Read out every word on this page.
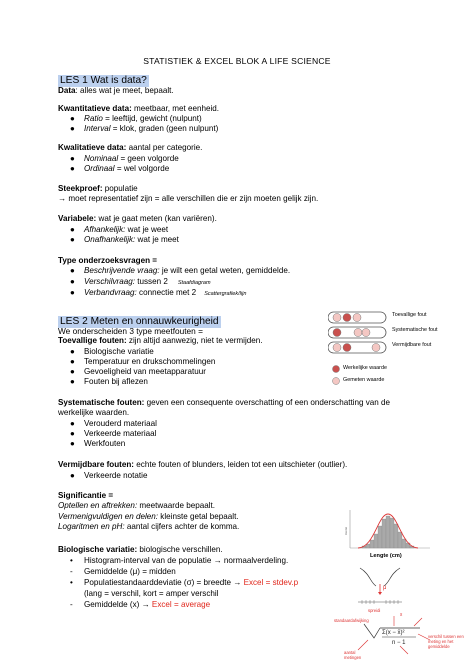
STATISTIEK & EXCEL BLOK A LIFE SCIENCE
LES 1 Wat is data?
Data: alles wat je meet, bepaalt.
Kwantitatieve data: meetbaar, met eenheid.
● Ratio = leeftijd, gewicht (nulpunt)
● Interval = klok, graden (geen nulpunt)
Kwalitatieve data: aantal per categorie.
● Nominaal = geen volgorde
● Ordinaal = wel volgorde
Steekproef: populatie
→ moet representatief zijn = alle verschillen die er zijn moeten gelijk zijn.
Variabele: wat je gaat meten (kan variëren).
● Afhankelijk: wat je weet
● Onafhankelijk: wat je meet
Type onderzoeksvragen =
● Beschrijvende vraag: je wilt een getal weten, gemiddelde.
● Verschilvraag: tussen 2 Staafdiagram
● Verbandvraag: connectie met 2 Scattergrafiek/lijn
LES 2 Meten en onnauwkeurigheid
We onderscheiden 3 type meetfouten =
Toevallige fouten: zijn altijd aanwezig, niet te vermijden.
● Biologische variatie
● Temperatuur en drukschommelingen
● Gevoeligheid van meetapparatuur
● Fouten bij aflezen
Systematische fouten: geven een consequente overschatting of een onderschatting van de
werkelijke waarden.
● Verouderd materiaal
● Verkeerde materiaal
● Werkfouten
Vermijdbare fouten: echte fouten of blunders, leiden tot een uitschieter (outlier).
● Verkeerde notatie
Significantie =
Optellen en aftrekken: meetwaarde bepaalt.
Vermenigvuldigen en delen: kleinste getal bepaalt.
Logaritmen en pH: aantal cijfers achter de komma.
Biologische variatie: biologische verschillen.
• Histogram-interval van de populatie → normaalverdeling.
- Gemiddelde (μ) = midden
• Populatiestandaarddeviatie (σ) = breedte → Excel = stdev.p
(lang = verschil, kort = amper verschil
- Gemiddelde (x) → Excel = average
Toevallige fout
Systematische fout
Vermijdbare fout
Werkelijke waarde
Gemeten waarde
Aantal
Lengte (cm)
μ
Σ(x − x̄)²
n − 1
spreidi
standaardafwijking
x̄
verschil tussen een meting en het gemiddelde
aantal metingen
